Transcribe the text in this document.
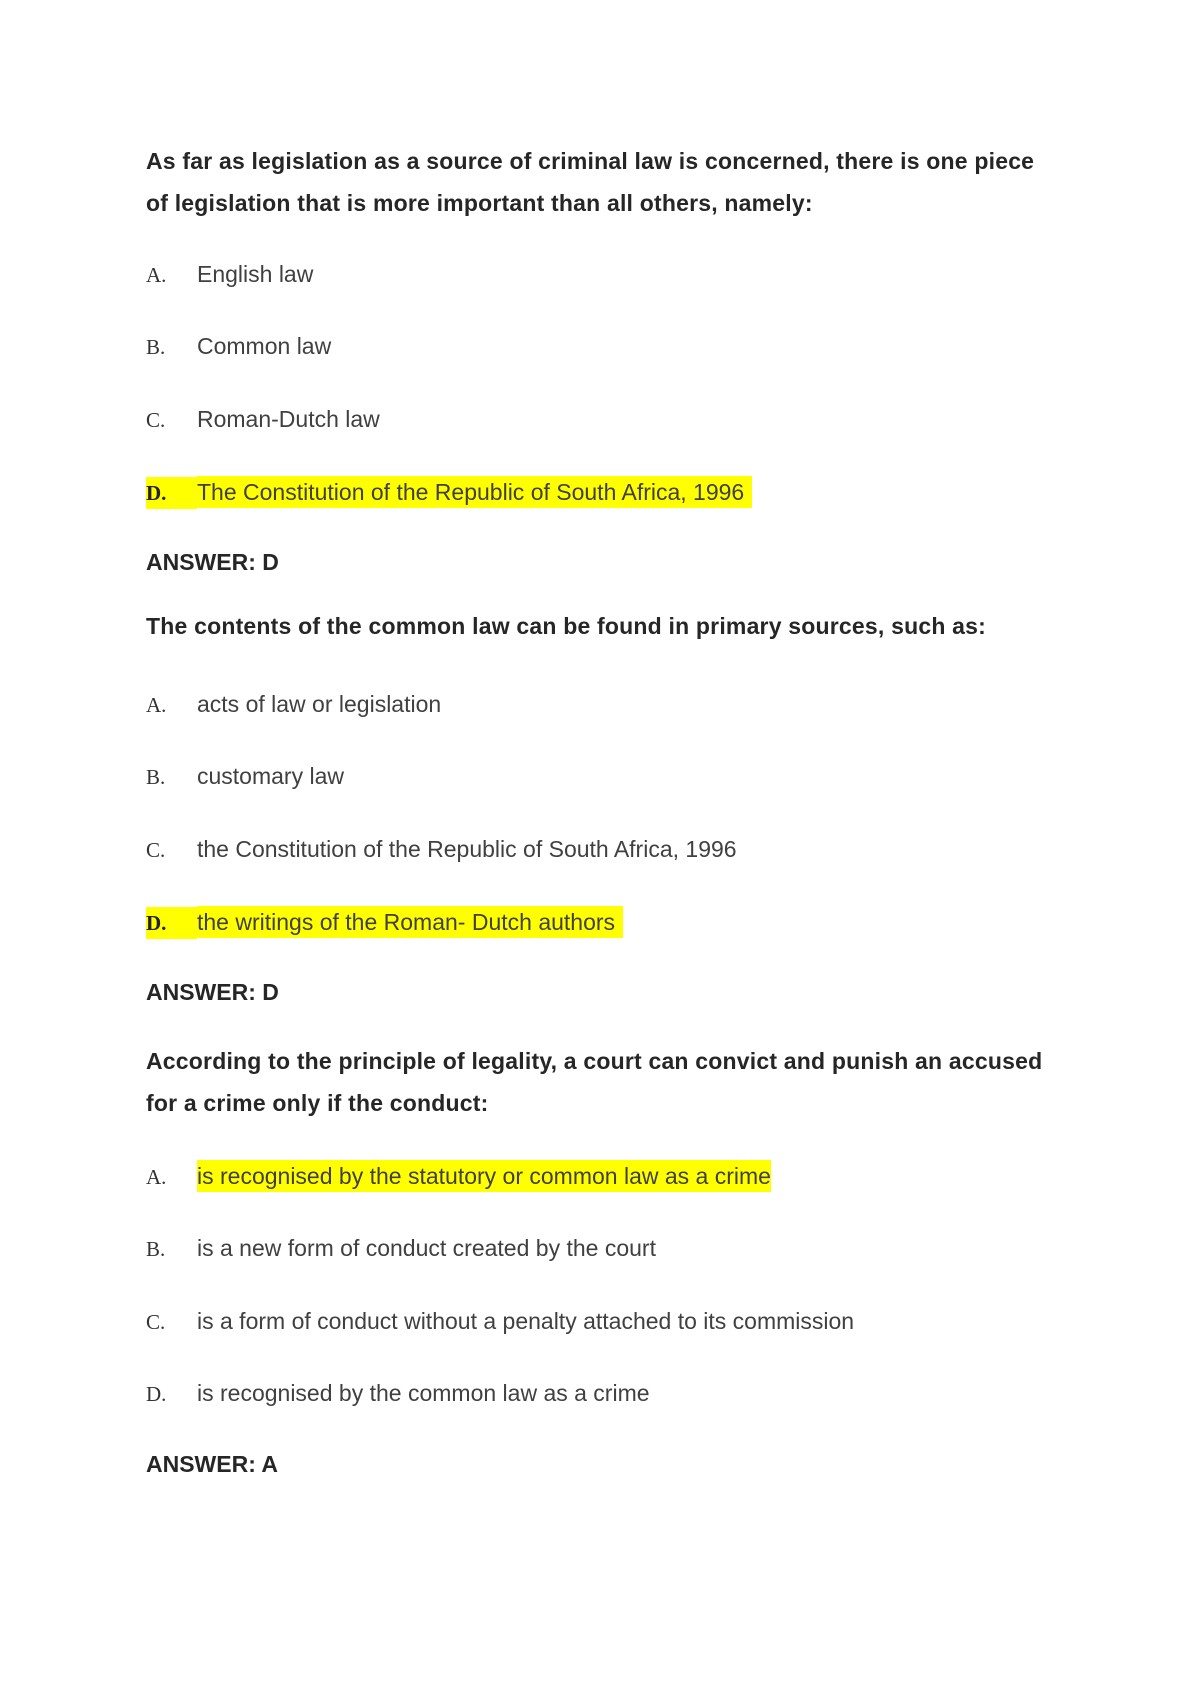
As far as legislation as a source of criminal law is concerned, there is one piece of legislation that is more important than all others, namely:
A. English law
B. Common law
C. Roman-Dutch law
D. The Constitution of the Republic of South Africa, 1996
ANSWER: D
The contents of the common law can be found in primary sources, such as:
A. acts of law or legislation
B. customary law
C. the Constitution of the Republic of South Africa, 1996
D. the writings of the Roman- Dutch authors
ANSWER: D
According to the principle of legality, a court can convict and punish an accused for a crime only if the conduct:
A. is recognised by the statutory or common law as a crime
B. is a new form of conduct created by the court
C. is a form of conduct without a penalty attached to its commission
D. is recognised by the common law as a crime
ANSWER: A
